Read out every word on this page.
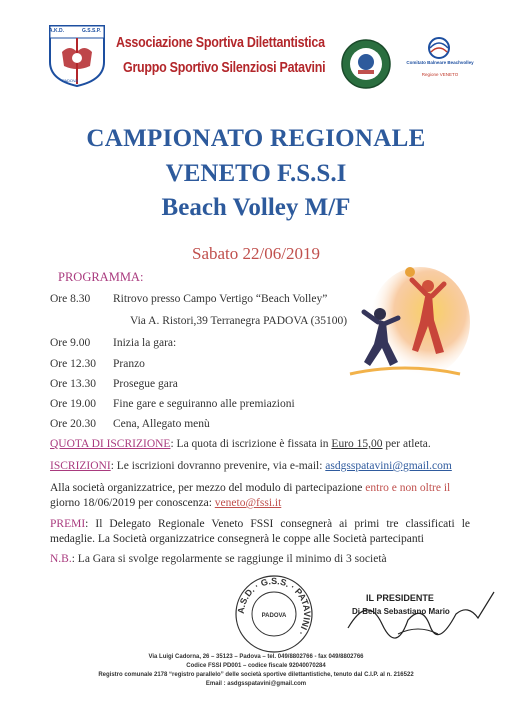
A.K.D.	G.S.S.P.
PADOVA
Associazione Sportiva Dilettantistica
Gruppo Sportivo Silenziosi Patavini	Comitato Balneare Beachvolley
Regione VENETO
CAMPIONATO REGIONALE
VENETO F.S.S.I
Beach Volley M/F
Sabato 22/06/2019
PROGRAMMA:
Ore 8.30	Ritrovo presso Campo Vertigo “Beach Volley”
Via A. Ristori,39 Terranegra PADOVA (35100)
Ore 9.00	Inizia la gara:
Ore 12.30	Pranzo
Ore 13.30	Prosegue gara
Ore 19.00	Fine gare e seguiranno alle premiazioni
Ore 20.30	Cena, Allegato menù
QUOTA DI ISCRIZIONE: La quota di iscrizione è fissata in Euro 15,00 per atleta.
ISCRIZIONI: Le iscrizioni dovranno prevenire, via e-mail: asdgsspatavini@gmail.com
Alla società organizzatrice, per mezzo del modulo di partecipazione entro e non oltre il
giorno 18/06/2019 per conoscenza: veneto@fssi.it
PREMI: Il Delegato Regionale Veneto FSSI consegnerà ai primi tre classificati le medaglie. La Società organizzatrice consegnerà le coppe alle Società partecipanti
N.B.: La Gara si svolge regolarmente se raggiunge il minimo di 3 società
A.S.D. · G.S.S. · PATAVINI ·
PADOVA
IL PRESIDENTE
Di Bella Sebastiano Mario
Via Luigi Cadorna, 26 – 35123 – Padova – tel. 049/8802766 - fax 049/8802766
Codice FSSI PD001 – codice fiscale 92040070284
Registro comunale 2178 “registro parallelo” delle società sportive dilettantistiche, tenuto dal C.I.P. al n. 216522
Email : asdgsspatavini@gmail.com
